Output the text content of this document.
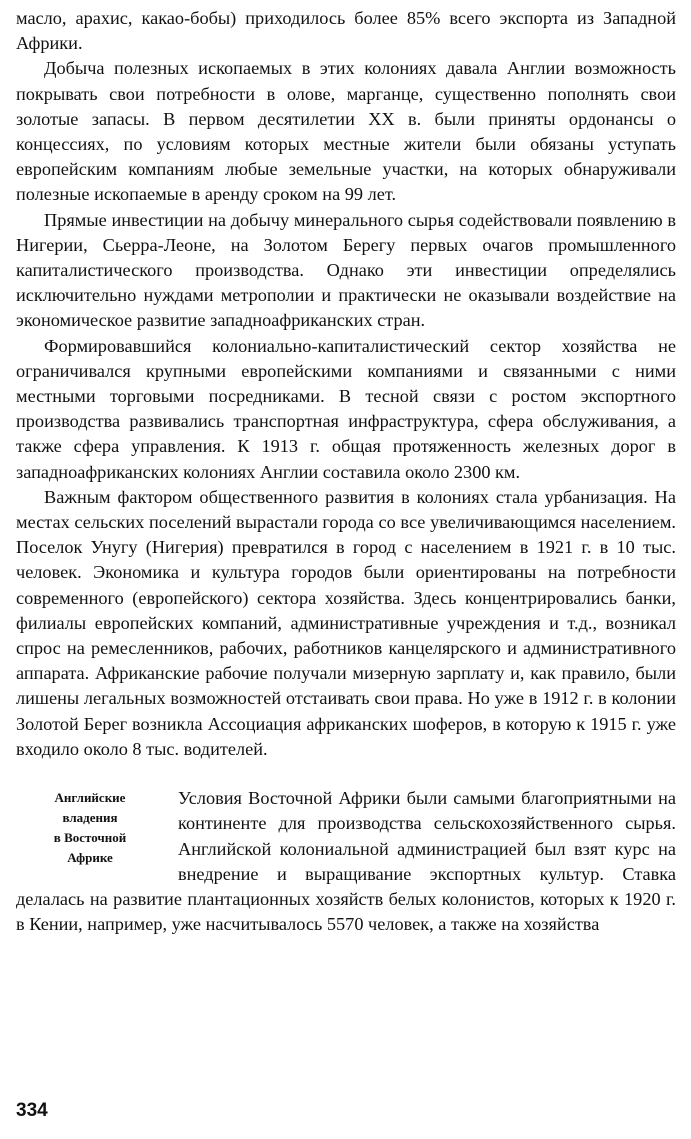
масло, арахис, какао-бобы) приходилось более 85% всего экспорта из Западной Африки.

Добыча полезных ископаемых в этих колониях давала Англии возможность покрывать свои потребности в олове, марганце, существенно пополнять свои золотые запасы. В первом десятилетии XX в. были приняты ордонансы о концессиях, по условиям которых местные жители были обязаны уступать европейским компаниям любые земельные участки, на которых обнаруживали полезные ископаемые в аренду сроком на 99 лет.

Прямые инвестиции на добычу минерального сырья содействовали появлению в Нигерии, Сьерра-Леоне, на Золотом Берегу первых очагов промышленного капиталистического производства. Однако эти инвестиции определялись исключительно нуждами метрополии и практически не оказывали воздействие на экономическое развитие западноафриканских стран.

Формировавшийся колониально-капиталистический сектор хозяйства не ограничивался крупными европейскими компаниями и связанными с ними местными торговыми посредниками. В тесной связи с ростом экспортного производства развивались транспортная инфраструктура, сфера обслуживания, а также сфера управления. К 1913 г. общая протяженность железных дорог в западноафриканских колониях Англии составила около 2300 км.

Важным фактором общественного развития в колониях стала урбанизация. На местах сельских поселений вырастали города со все увеличивающимся населением. Поселок Унугу (Нигерия) превратился в город с населением в 1921 г. в 10 тыс. человек. Экономика и культура городов были ориентированы на потребности современного (европейского) сектора хозяйства. Здесь концентрировались банки, филиалы европейских компаний, административные учреждения и т.д., возникал спрос на ремесленников, рабочих, работников канцелярского и административного аппарата. Африканские рабочие получали мизерную зарплату и, как правило, были лишены легальных возможностей отстаивать свои права. Но уже в 1912 г. в колонии Золотой Берег возникла Ассоциация африканских шоферов, в которую к 1915 г. уже входило около 8 тыс. водителей.

Английские
владения
в Восточной
Африке

Условия Восточной Африки были самыми благоприятными на континенте для производства сельскохозяйственного сырья. Английской колониальной администрацией был взят курс на внедрение и выращивание экспортных культур. Ставка делалась на развитие плантационных хозяйств белых колонистов, которых к 1920 г. в Кении, например, уже насчитывалось 5570 человек, а также на хозяйства

334
